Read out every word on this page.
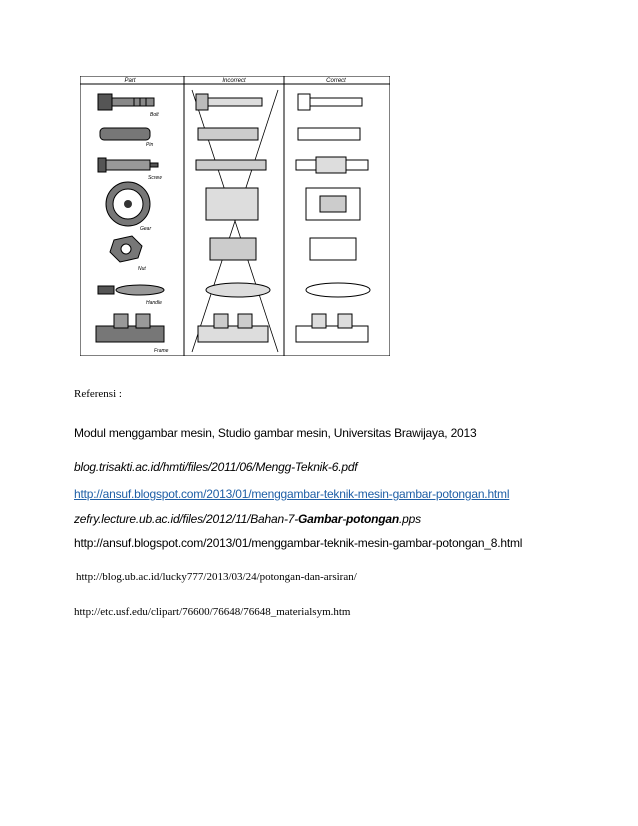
Part	Incorrect	Correct
Bolt
Pin
Screw
Gear
Nut
Handle
Frame
Referensi :
Modul menggambar mesin, Studio gambar mesin, Universitas Brawijaya, 2013
blog.trisakti.ac.id/hmti/files/2011/06/Mengg-Teknik-6.pdf
http://ansuf.blogspot.com/2013/01/menggambar-teknik-mesin-gambar-potongan.html
zefry.lecture.ub.ac.id/files/2012/11/Bahan-7-Gambar-potongan.pps
http://ansuf.blogspot.com/2013/01/menggambar-teknik-mesin-gambar-potongan_8.html
http://blog.ub.ac.id/lucky777/2013/03/24/potongan-dan-arsiran/
http://etc.usf.edu/clipart/76600/76648/76648_materialsym.htm
